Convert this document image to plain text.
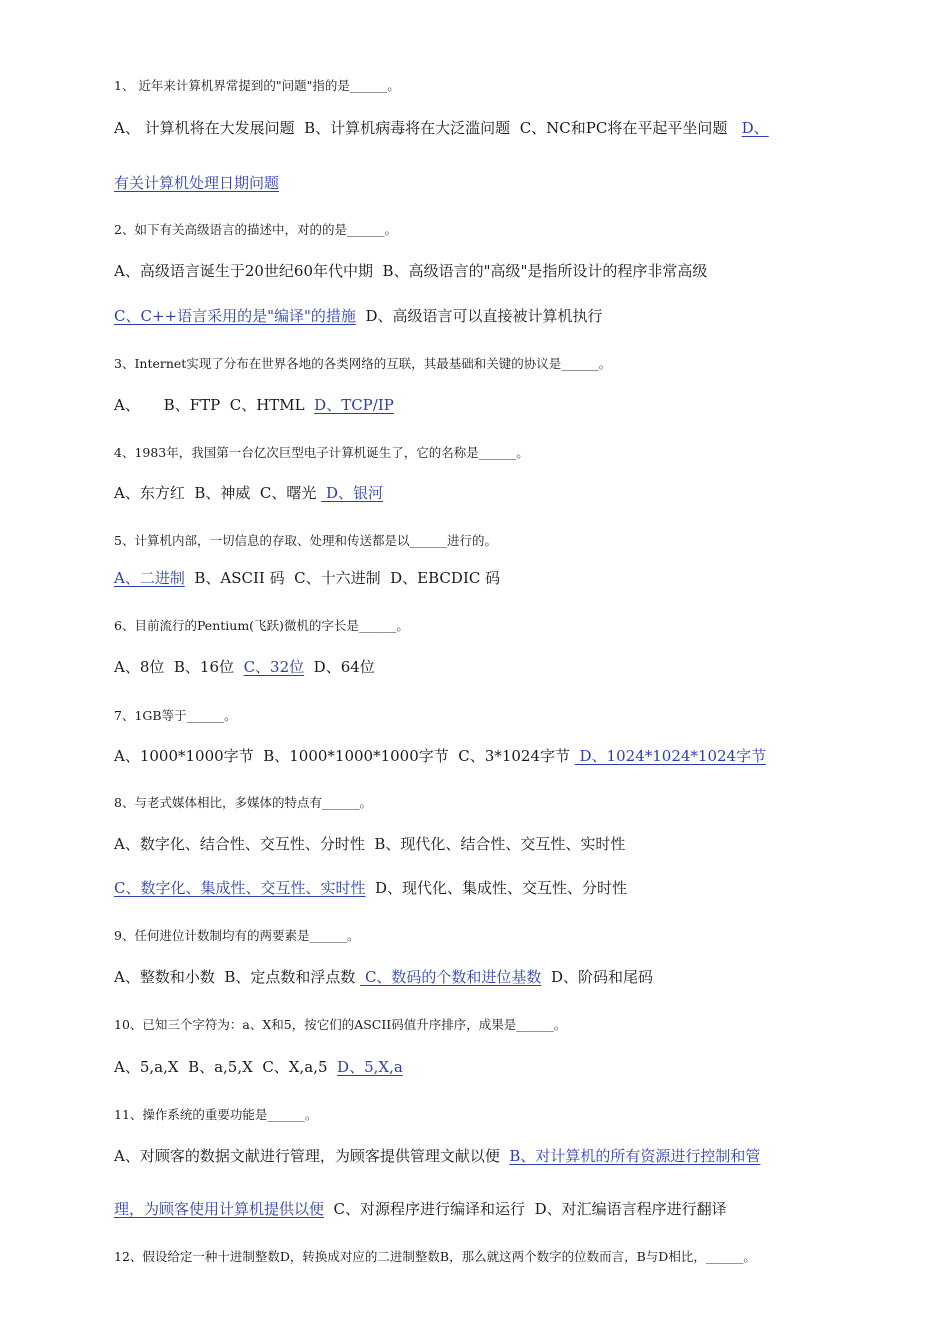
1、 近年来计算机界常提到的"问题"指的是______。
A、 计算机将在大发展问题  B、计算机病毒将在大泛滥问题  C、NC和PC将在平起平坐问题   D、
有关计算机处理日期问题
2、如下有关高级语言的描述中，对的的是______。
A、高级语言诞生于20世纪60年代中期  B、高级语言的"高级"是指所设计的程序非常高级
C、C++语言采用的是"编译"的措施  D、高级语言可以直接被计算机执行
3、Internet实现了分布在世界各地的各类网络的互联，其最基础和关键的协议是______。
A、     B、FTP  C、HTML  D、TCP/IP
4、1983年，我国第一台亿次巨型电子计算机诞生了，它的名称是______。
A、东方红  B、神威  C、曙光  D、银河
5、计算机内部，一切信息的存取、处理和传送都是以______进行的。
A、二进制  B、ASCII 码  C、十六进制  D、EBCDIC 码
6、目前流行的Pentium(飞跃)微机的字长是______。
A、8位  B、16位  C、32位  D、64位
7、1GB等于______。
A、1000*1000字节  B、1000*1000*1000字节  C、3*1024字节  D、1024*1024*1024字节
8、与老式媒体相比，多媒体的特点有______。
A、数字化、结合性、交互性、分时性  B、现代化、结合性、交互性、实时性
C、数字化、集成性、交互性、实时性  D、现代化、集成性、交互性、分时性
9、任何进位计数制均有的两要素是______。
A、整数和小数  B、定点数和浮点数  C、数码的个数和进位基数  D、阶码和尾码
10、已知三个字符为：a、X和5，按它们的ASCII码值升序排序，成果是______。
A、5,a,X  B、a,5,X  C、X,a,5  D、5,X,a
11、操作系统的重要功能是______。
A、对顾客的数据文献进行管理，为顾客提供管理文献以便  B、对计算机的所有资源进行控制和管
理，为顾客使用计算机提供以便  C、对源程序进行编译和运行  D、对汇编语言程序进行翻译
12、假设给定一种十进制整数D，转换成对应的二进制整数B，那么就这两个数字的位数而言，B与D相比，______。
